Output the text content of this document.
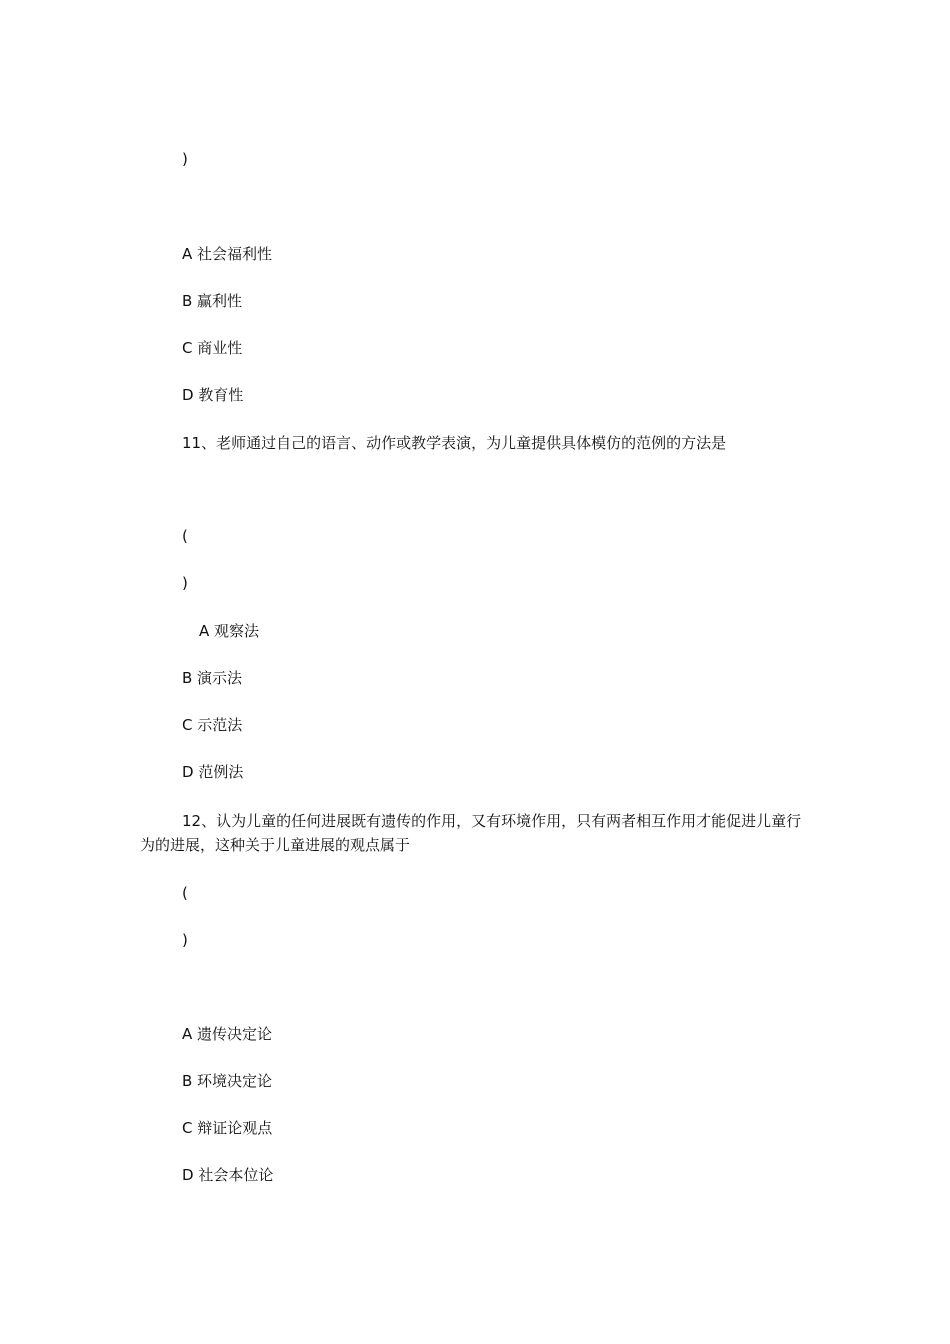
)
A 社会福利性
B 赢利性
C 商业性
D 教育性
11、老师通过自己的语言、动作或教学表演，为儿童提供具体模仿的范例的方法是
(
)
A 观察法
B 演示法
C 示范法
D 范例法
12、认为儿童的任何进展既有遗传的作用，又有环境作用，只有两者相互作用才能促进儿童行为的进展，这种关于儿童进展的观点属于
(
)
A 遗传决定论
B 环境决定论
C 辩证论观点
D 社会本位论
